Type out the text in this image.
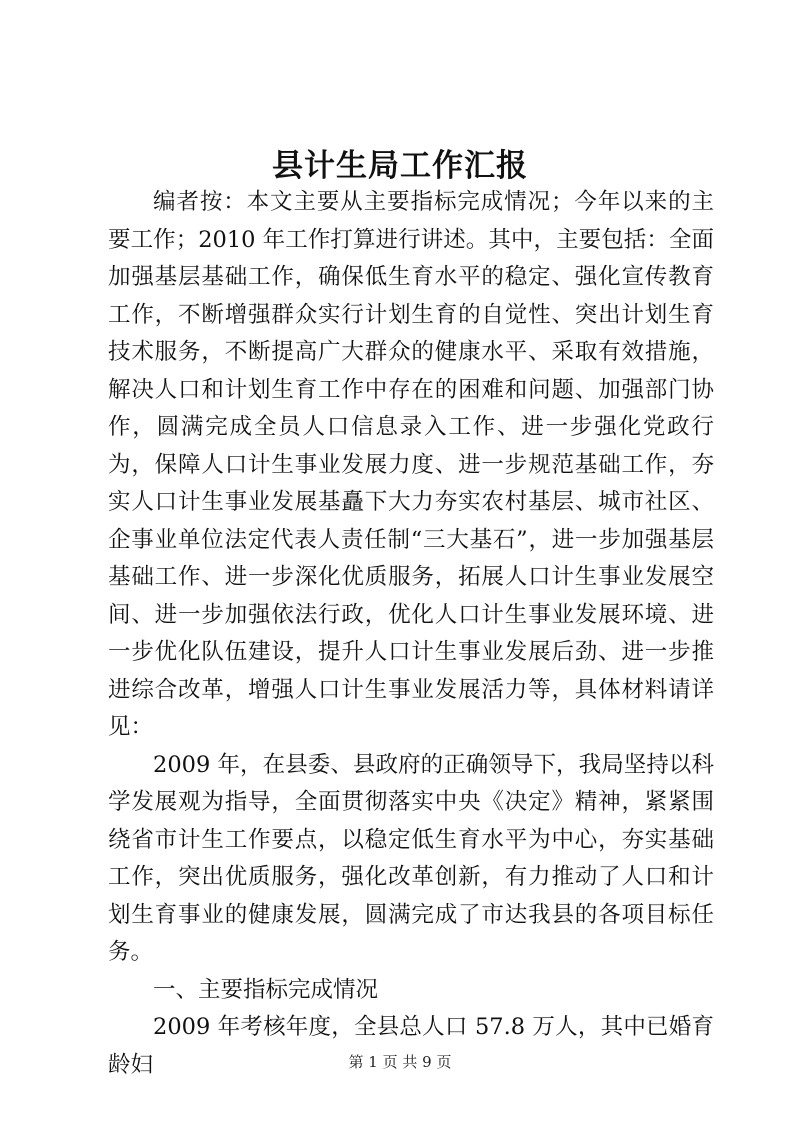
县计生局工作汇报

编者按：本文主要从主要指标完成情况；今年以来的主要工作；2010 年工作打算进行讲述。其中，主要包括：全面加强基层基础工作，确保低生育水平的稳定、强化宣传教育工作，不断增强群众实行计划生育的自觉性、突出计划生育技术服务，不断提高广大群众的健康水平、采取有效措施，解决人口和计划生育工作中存在的困难和问题、加强部门协作，圆满完成全员人口信息录入工作、进一步强化党政行为，保障人口计生事业发展力度、进一步规范基础工作，夯实人口计生事业发展基矗下大力夯实农村基层、城市社区、企事业单位法定代表人责任制“三大基石”，进一步加强基层基础工作、进一步深化优质服务，拓展人口计生事业发展空间、进一步加强依法行政，优化人口计生事业发展环境、进一步优化队伍建设，提升人口计生事业发展后劲、进一步推进综合改革，增强人口计生事业发展活力等，具体材料请详见：

2009 年，在县委、县政府的正确领导下，我局坚持以科学发展观为指导，全面贯彻落实中央《决定》精神，紧紧围绕省市计生工作要点，以稳定低生育水平为中心，夯实基础工作，突出优质服务，强化改革创新，有力推动了人口和计划生育事业的健康发展，圆满完成了市达我县的各项目标任务。

一、主要指标完成情况

2009 年考核年度，全县总人口 57.8 万人，其中已婚育龄妇	第 1 页 共 9 页
